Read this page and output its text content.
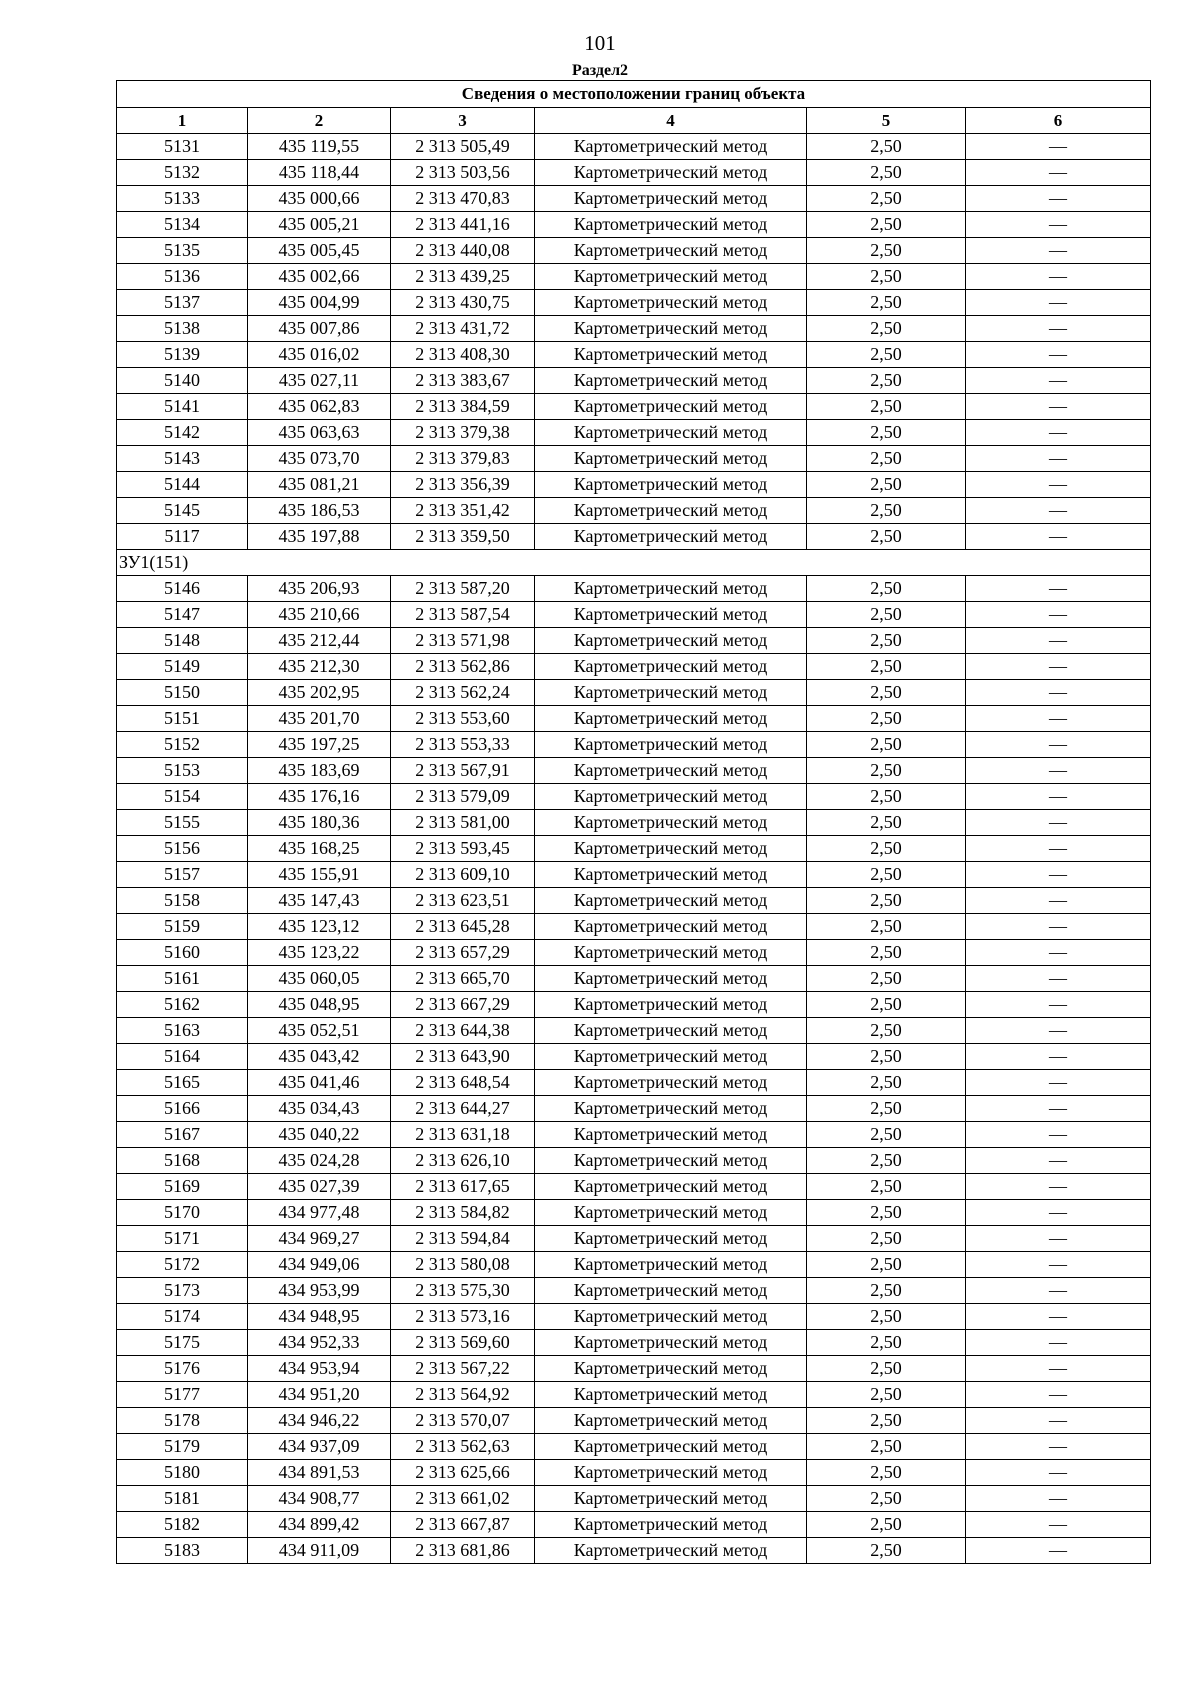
101
Раздел2
Сведения о местоположении границ объекта					
1	2	3	4	5	6
5131	435 119,55	2 313 505,49	Картометрический метод	2,50	—
5132	435 118,44	2 313 503,56	Картометрический метод	2,50	—
5133	435 000,66	2 313 470,83	Картометрический метод	2,50	—
5134	435 005,21	2 313 441,16	Картометрический метод	2,50	—
5135	435 005,45	2 313 440,08	Картометрический метод	2,50	—
5136	435 002,66	2 313 439,25	Картометрический метод	2,50	—
5137	435 004,99	2 313 430,75	Картометрический метод	2,50	—
5138	435 007,86	2 313 431,72	Картометрический метод	2,50	—
5139	435 016,02	2 313 408,30	Картометрический метод	2,50	—
5140	435 027,11	2 313 383,67	Картометрический метод	2,50	—
5141	435 062,83	2 313 384,59	Картометрический метод	2,50	—
5142	435 063,63	2 313 379,38	Картометрический метод	2,50	—
5143	435 073,70	2 313 379,83	Картометрический метод	2,50	—
5144	435 081,21	2 313 356,39	Картометрический метод	2,50	—
5145	435 186,53	2 313 351,42	Картометрический метод	2,50	—
5117	435 197,88	2 313 359,50	Картометрический метод	2,50	—
ЗУ1(151)					
5146	435 206,93	2 313 587,20	Картометрический метод	2,50	—
5147	435 210,66	2 313 587,54	Картометрический метод	2,50	—
5148	435 212,44	2 313 571,98	Картометрический метод	2,50	—
5149	435 212,30	2 313 562,86	Картометрический метод	2,50	—
5150	435 202,95	2 313 562,24	Картометрический метод	2,50	—
5151	435 201,70	2 313 553,60	Картометрический метод	2,50	—
5152	435 197,25	2 313 553,33	Картометрический метод	2,50	—
5153	435 183,69	2 313 567,91	Картометрический метод	2,50	—
5154	435 176,16	2 313 579,09	Картометрический метод	2,50	—
5155	435 180,36	2 313 581,00	Картометрический метод	2,50	—
5156	435 168,25	2 313 593,45	Картометрический метод	2,50	—
5157	435 155,91	2 313 609,10	Картометрический метод	2,50	—
5158	435 147,43	2 313 623,51	Картометрический метод	2,50	—
5159	435 123,12	2 313 645,28	Картометрический метод	2,50	—
5160	435 123,22	2 313 657,29	Картометрический метод	2,50	—
5161	435 060,05	2 313 665,70	Картометрический метод	2,50	—
5162	435 048,95	2 313 667,29	Картометрический метод	2,50	—
5163	435 052,51	2 313 644,38	Картометрический метод	2,50	—
5164	435 043,42	2 313 643,90	Картометрический метод	2,50	—
5165	435 041,46	2 313 648,54	Картометрический метод	2,50	—
5166	435 034,43	2 313 644,27	Картометрический метод	2,50	—
5167	435 040,22	2 313 631,18	Картометрический метод	2,50	—
5168	435 024,28	2 313 626,10	Картометрический метод	2,50	—
5169	435 027,39	2 313 617,65	Картометрический метод	2,50	—
5170	434 977,48	2 313 584,82	Картометрический метод	2,50	—
5171	434 969,27	2 313 594,84	Картометрический метод	2,50	—
5172	434 949,06	2 313 580,08	Картометрический метод	2,50	—
5173	434 953,99	2 313 575,30	Картометрический метод	2,50	—
5174	434 948,95	2 313 573,16	Картометрический метод	2,50	—
5175	434 952,33	2 313 569,60	Картометрический метод	2,50	—
5176	434 953,94	2 313 567,22	Картометрический метод	2,50	—
5177	434 951,20	2 313 564,92	Картометрический метод	2,50	—
5178	434 946,22	2 313 570,07	Картометрический метод	2,50	—
5179	434 937,09	2 313 562,63	Картометрический метод	2,50	—
5180	434 891,53	2 313 625,66	Картометрический метод	2,50	—
5181	434 908,77	2 313 661,02	Картометрический метод	2,50	—
5182	434 899,42	2 313 667,87	Картометрический метод	2,50	—
5183	434 911,09	2 313 681,86	Картометрический метод	2,50	—
